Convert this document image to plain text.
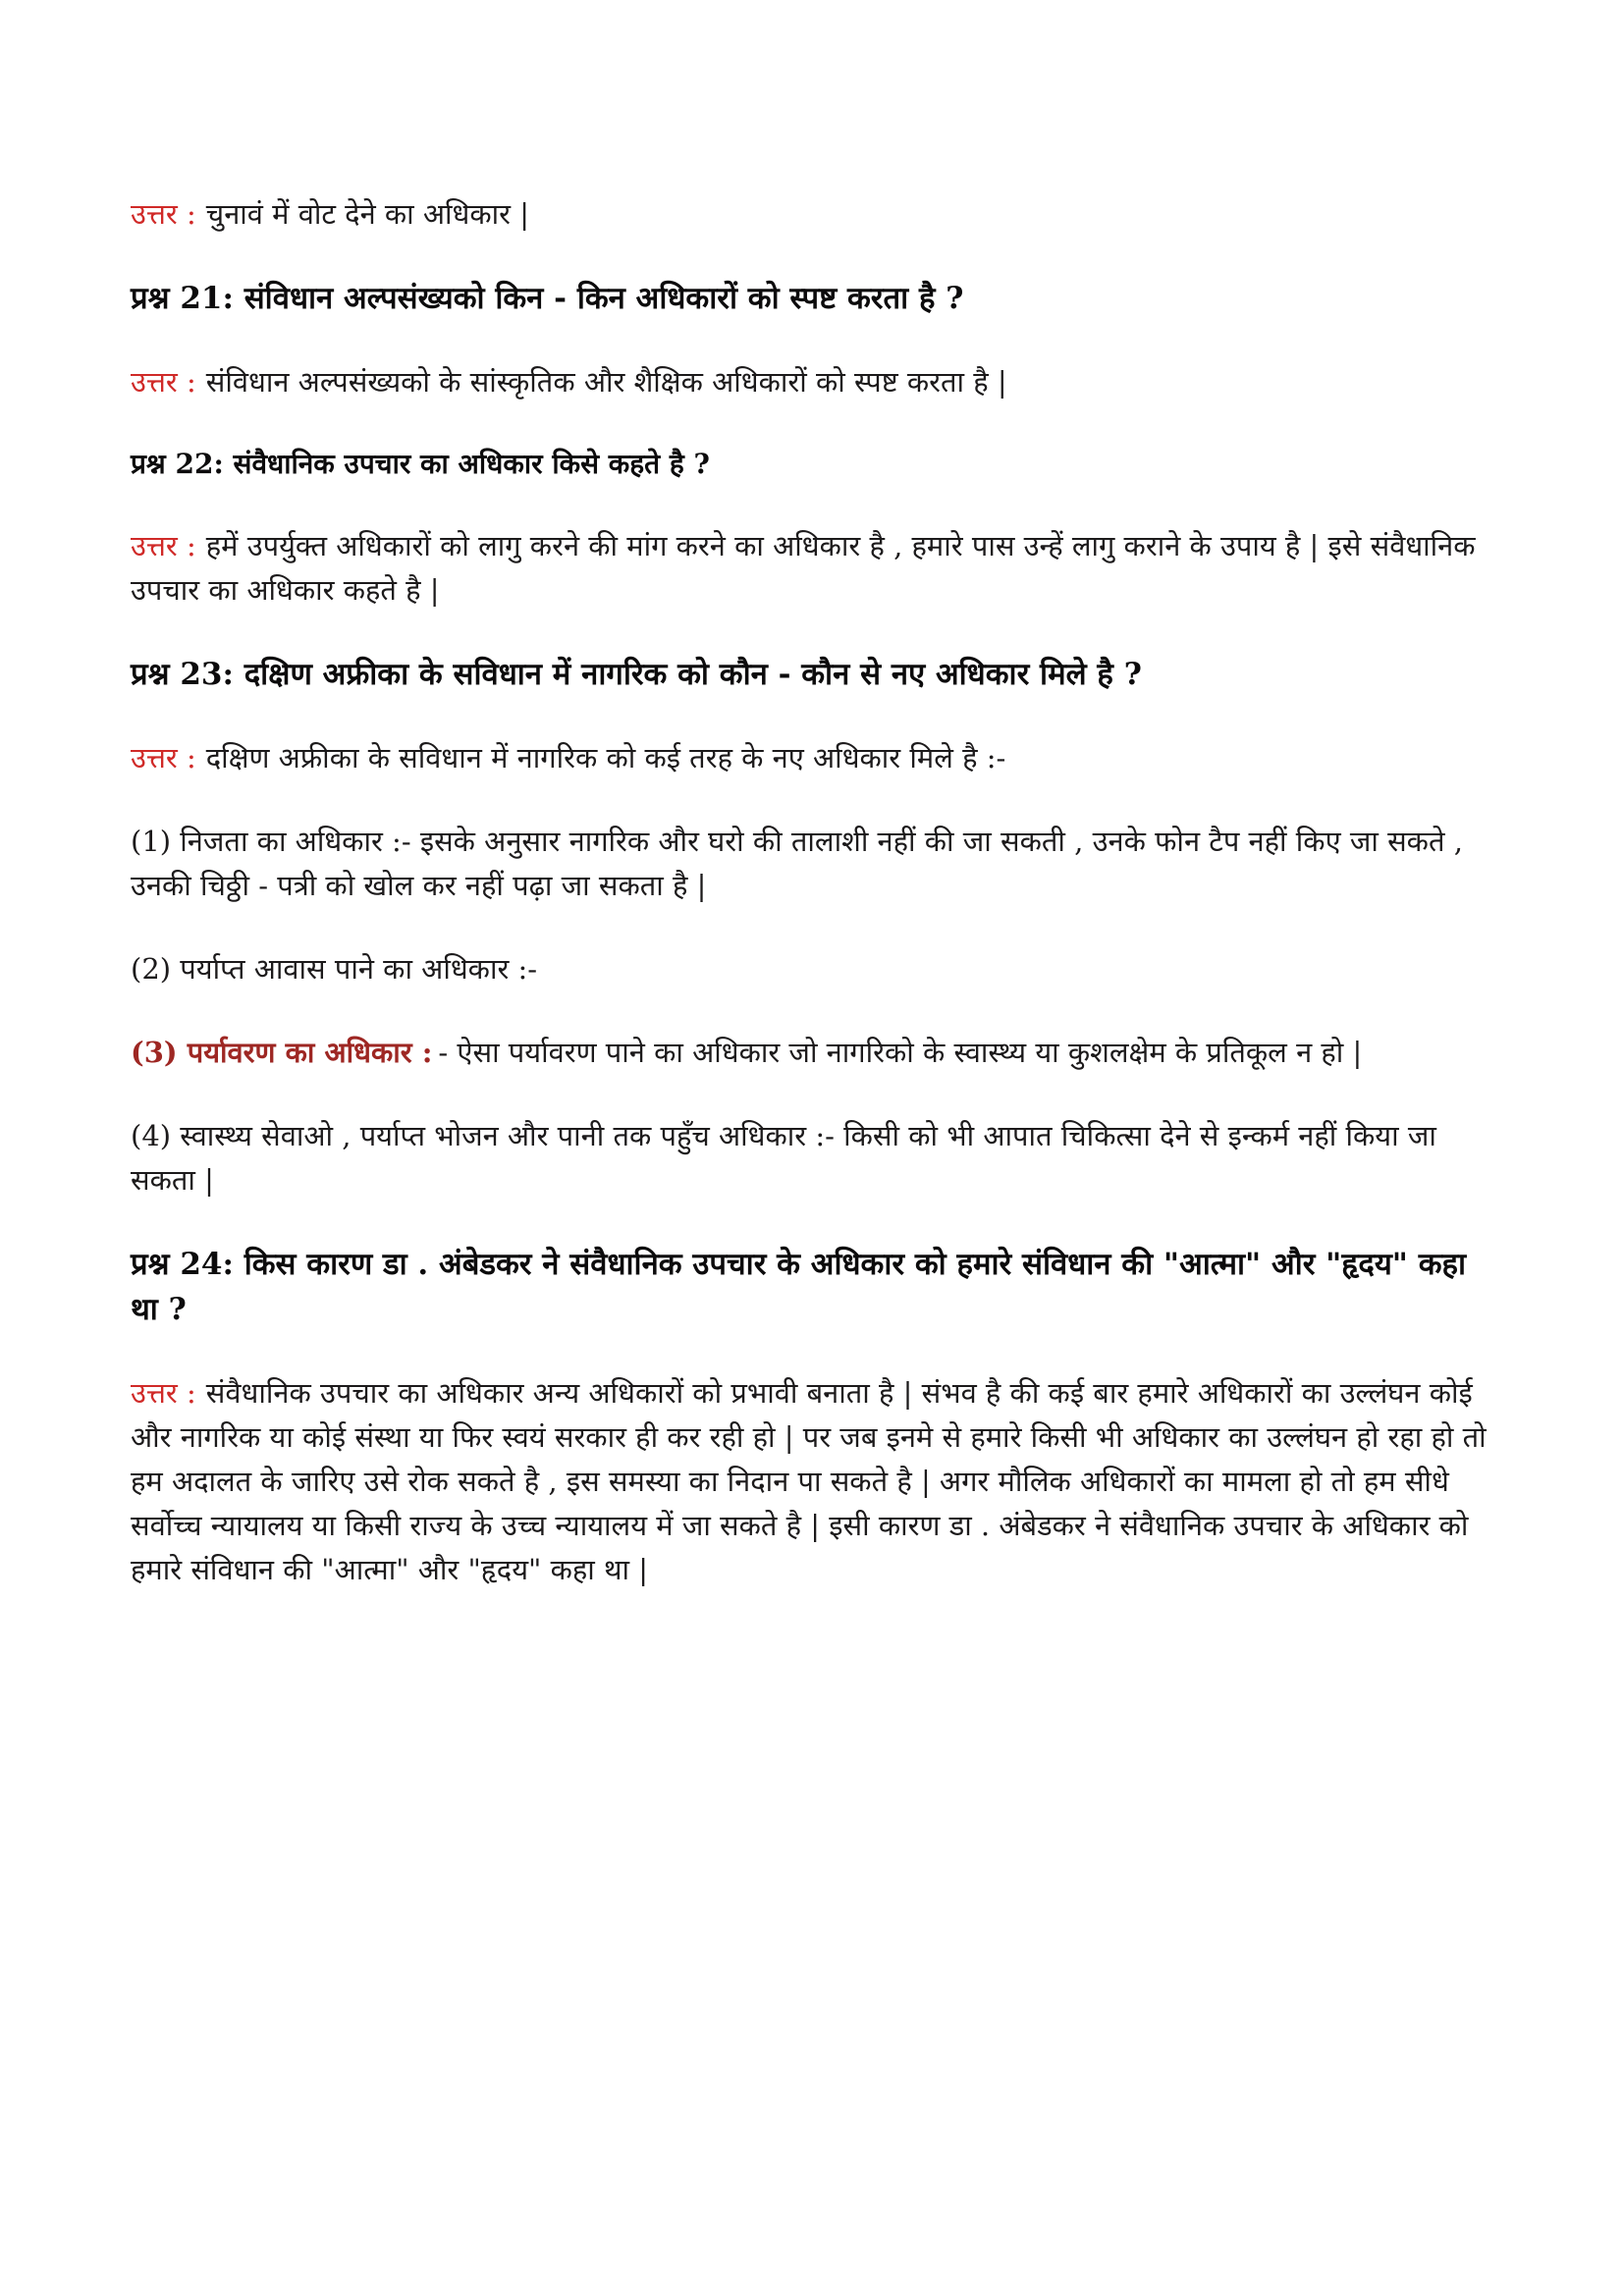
उत्तर : चुनावं में वोट देने का अधिकार |

प्रश्न 21: संविधान अल्पसंख्यको किन - किन अधिकारों को स्पष्ट करता है ?

उत्तर : संविधान अल्पसंख्यको के सांस्कृतिक और शैक्षिक अधिकारों को स्पष्ट करता है |

प्रश्न 22: संवैधानिक उपचार का अधिकार किसे कहते है ?

उत्तर : हमें उपर्युक्त अधिकारों को लागु करने की मांग करने का अधिकार है , हमारे पास उन्हें लागु कराने के उपाय है | इसे संवैधानिक उपचार का अधिकार कहते है |

प्रश्न 23: दक्षिण अफ्रीका के सविधान में नागरिक को कौन - कौन से नए अधिकार मिले है ?

उत्तर : दक्षिण अफ्रीका के सविधान में नागरिक को कई तरह के नए अधिकार मिले है :-

(1) निजता का अधिकार :- इसके अनुसार नागरिक और घरो की तालाशी नहीं की जा सकती , उनके फोन टैप नहीं किए जा सकते , उनकी चिठ्ठी - पत्री को खोल कर नहीं पढ़ा जा सकता है |

(2) पर्याप्त आवास पाने का अधिकार :-

(3) पर्यावरण का अधिकार : - ऐसा पर्यावरण पाने का अधिकार जो नागरिको के स्वास्थ्य या कुशलक्षेम के प्रतिकूल न हो |

(4) स्वास्थ्य सेवाओ , पर्याप्त भोजन और पानी तक पहुँच अधिकार :- किसी को भी आपात चिकित्सा देने से इन्कर्म नहीं किया जा सकता |

प्रश्न 24: किस कारण डा . अंबेडकर ने संवैधानिक उपचार के अधिकार को हमारे संविधान की "आत्मा" और "हृदय" कहा था ?

उत्तर : संवैधानिक उपचार का अधिकार अन्य अधिकारों को प्रभावी बनाता है | संभव है की कई बार हमारे अधिकारों का उल्लंघन कोई और नागरिक या कोई संस्था या फिर स्वयं सरकार ही कर रही हो | पर जब इनमे से हमारे किसी भी अधिकार का उल्लंघन हो रहा हो तो हम अदालत के जारिए उसे रोक सकते है , इस समस्या का निदान पा सकते है | अगर मौलिक अधिकारों का मामला हो तो हम सीधे सर्वोच्च न्यायालय या किसी राज्य के उच्च न्यायालय में जा सकते है | इसी कारण डा . अंबेडकर ने संवैधानिक उपचार के अधिकार को हमारे संविधान की "आत्मा" और "हृदय" कहा था |
